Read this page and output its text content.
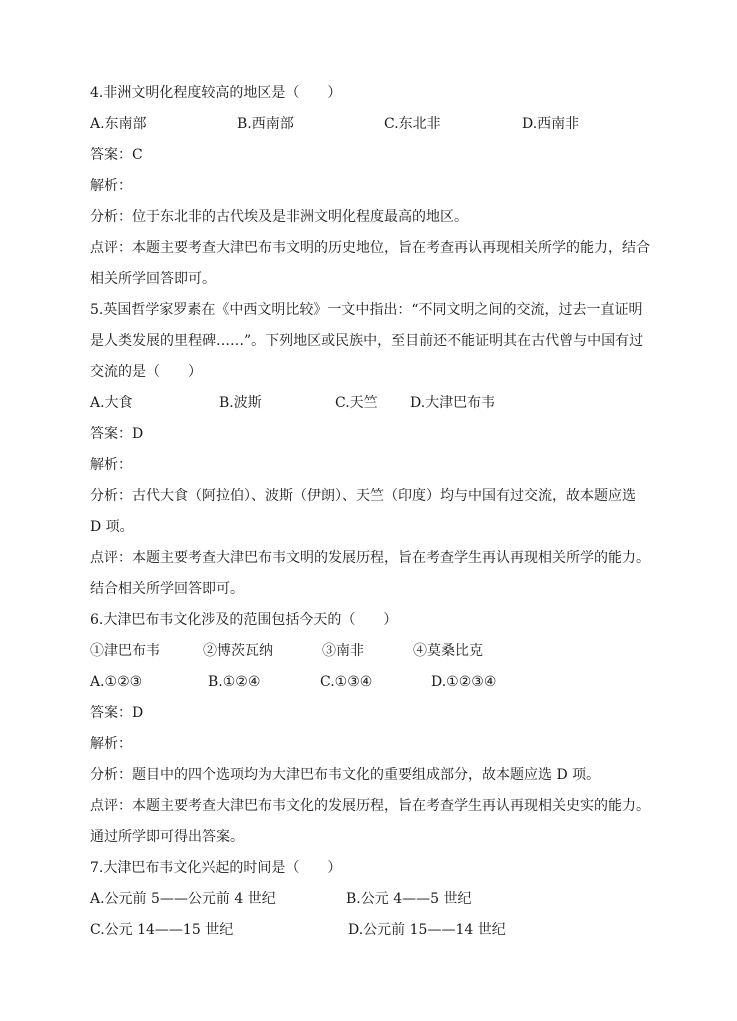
4.非洲文明化程度较高的地区是（　　）
A.东南部	B.西南部	C.东北非	D.西南非
答案：C
解析：
分析：位于东北非的古代埃及是非洲文明化程度最高的地区。
点评：本题主要考查大津巴布韦文明的历史地位，旨在考查再认再现相关所学的能力，结合
相关所学回答即可。
5.英国哲学家罗素在《中西文明比较》一文中指出：“不同文明之间的交流，过去一直证明
是人类发展的里程碑……”。下列地区或民族中，至目前还不能证明其在古代曾与中国有过
交流的是（　　）
A.大食	B.波斯	C.天竺 D.大津巴布韦
答案：D
解析：
分析：古代大食（阿拉伯）、波斯（伊朗）、天竺（印度）均与中国有过交流，故本题应选
D 项。
点评：本题主要考查大津巴布韦文明的发展历程，旨在考查学生再认再现相关所学的能力。
结合相关所学回答即可。
6.大津巴布韦文化涉及的范围包括今天的（　　）
①津巴布韦	②博茨瓦纳	③南非	④莫桑比克
A.①②③	B.①②④	C.①③④	D.①②③④
答案：D
解析：
分析：题目中的四个选项均为大津巴布韦文化的重要组成部分，故本题应选 D 项。
点评：本题主要考查大津巴布韦文化的发展历程，旨在考查学生再认再现相关史实的能力。
通过所学即可得出答案。
7.大津巴布韦文化兴起的时间是（　　）
A.公元前 5——公元前 4 世纪	B.公元 4——5 世纪
C.公元 14——15 世纪	D.公元前 15——14 世纪
